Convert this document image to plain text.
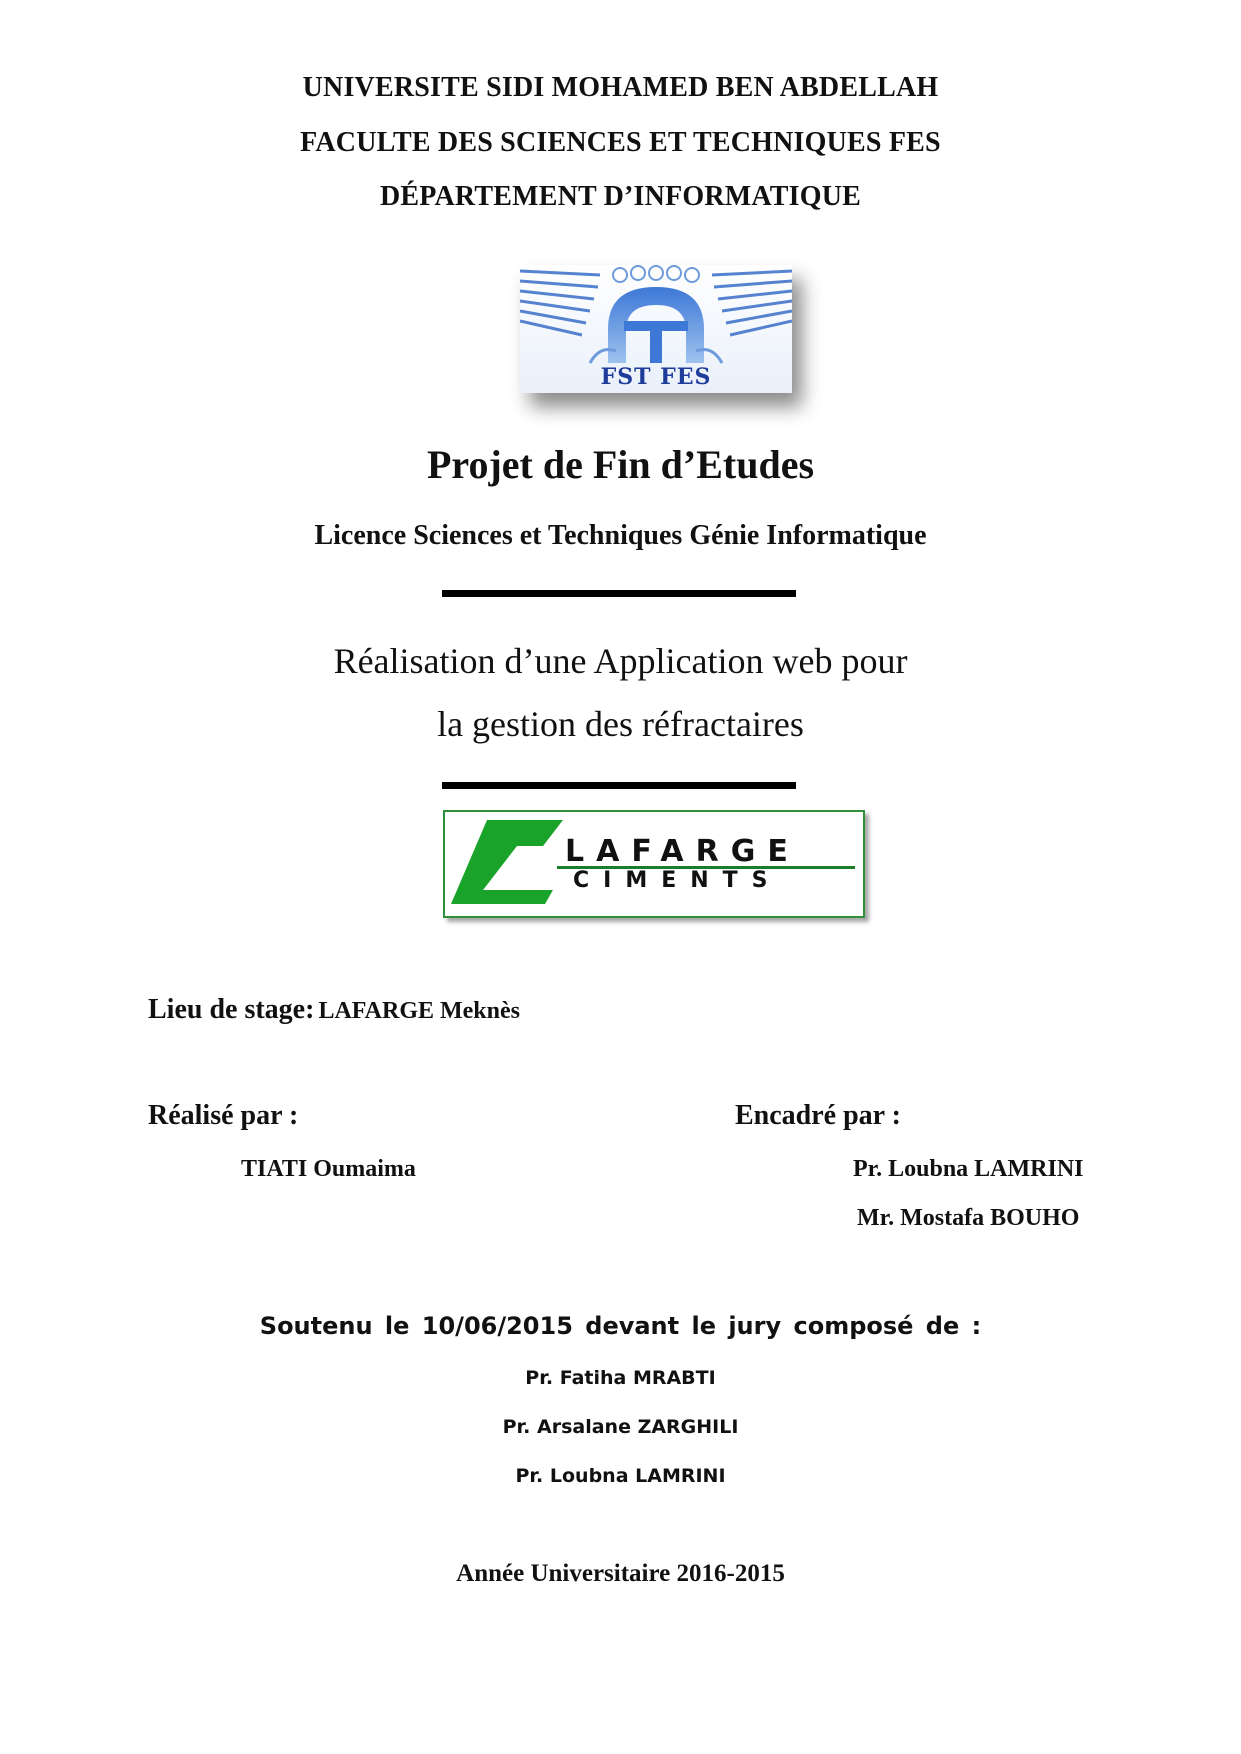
UNIVERSITE SIDI MOHAMED BEN ABDELLAH
FACULTE DES SCIENCES ET TECHNIQUES FES
DÉPARTEMENT D’INFORMATIQUE
FST FES
Projet de Fin d’Etudes
Licence Sciences et Techniques Génie Informatique
Réalisation d’une Application web pour
la gestion des réfractaires
LAFARGE
CIMENTS
Lieu de stage: LAFARGE Meknès
Réalisé par :
TIATI Oumaima
Encadré par :
Pr. Loubna LAMRINI
Mr. Mostafa BOUHO
Soutenu le 10/06/2015 devant le jury composé de :
Pr. Fatiha MRABTI
Pr. Arsalane ZARGHILI
Pr. Loubna LAMRINI
Année Universitaire 2016-2015
